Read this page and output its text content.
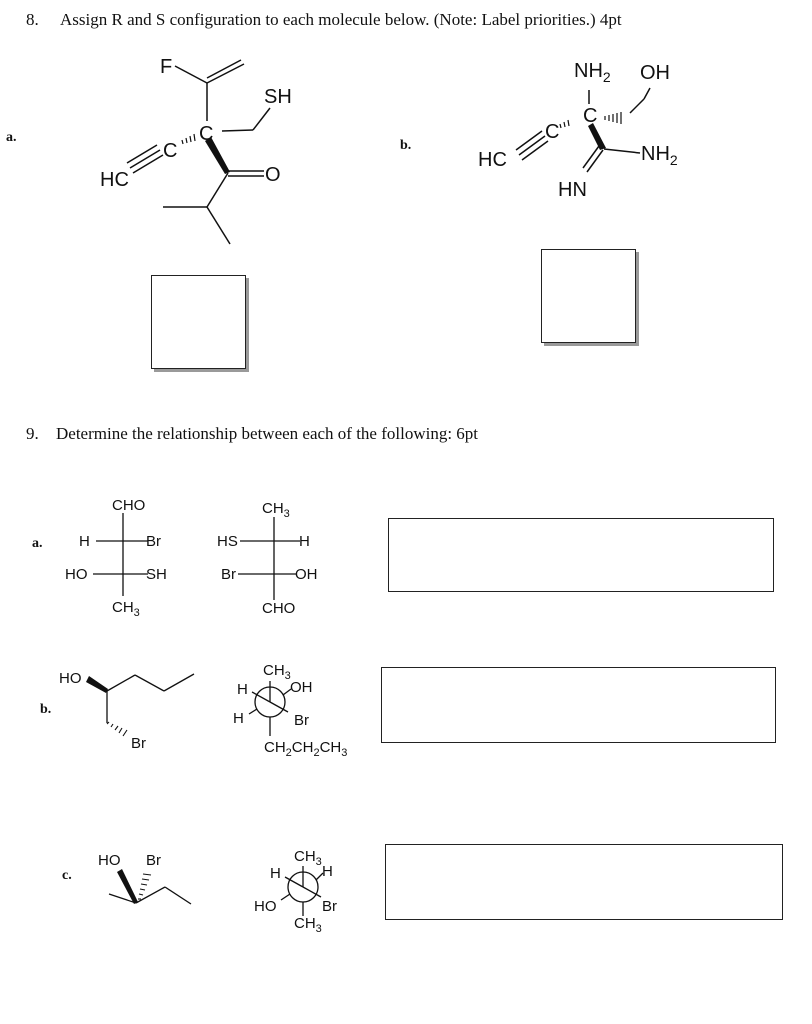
8. Assign R and S configuration to each molecule below. (Note: Label priorities.) 4pt
a.
b.
9. Determine the relationship between each of the following: 6pt
a.
b.
c.
F
SH
C
HC
C
O
$NH_2$ OH
C
HC
C
$NH_2$
HN
CHO
H	Br
HO	SH
$CH_3$
$CH_3$
HS	H
Br	OH
CHO
HO
Br
$CH_3$
H	OH
H	Br
$CH_2CH_2CH_3$
HO Br	$CH_3$
H	H
HO	Br
$CH_3$
